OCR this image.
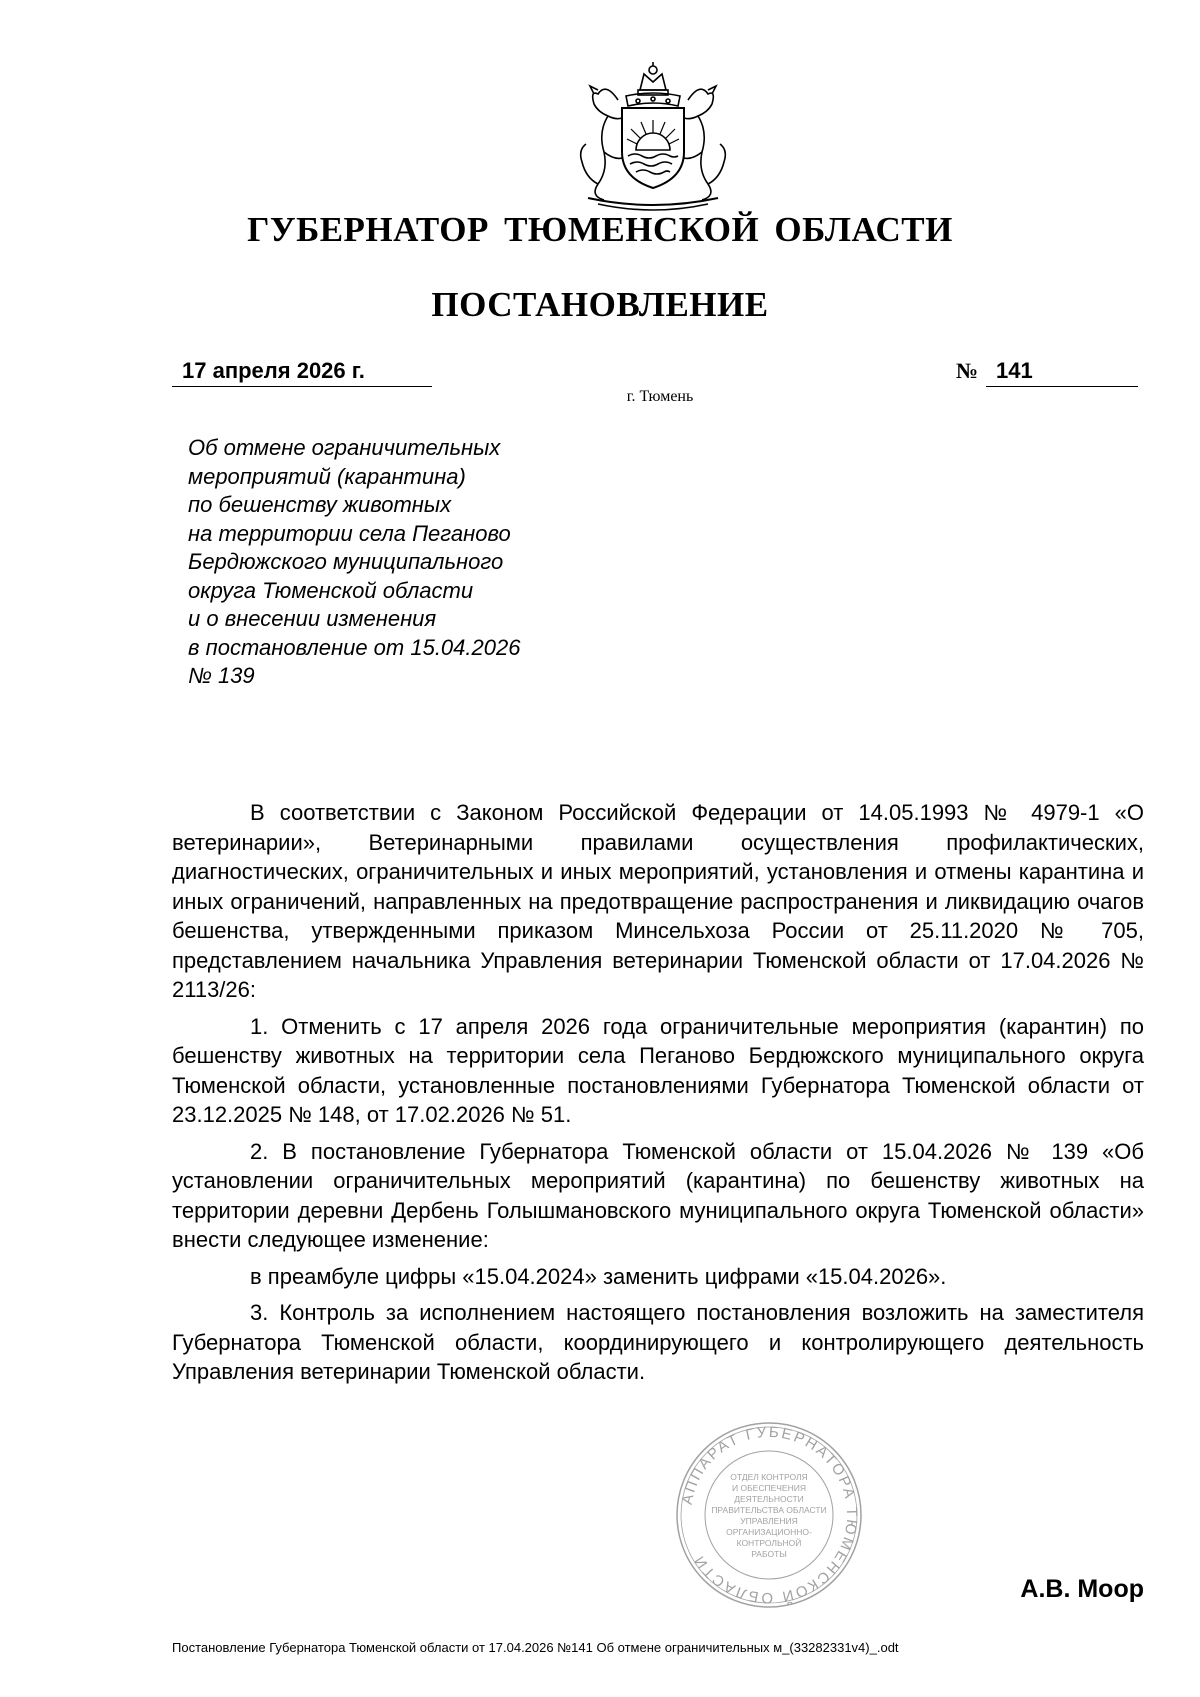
ГУБЕРНАТОР ТЮМЕНСКОЙ ОБЛАСТИ
ПОСТАНОВЛЕНИЕ
17 апреля 2026 г.	№ 141
г. Тюмень
Об отмене ограничительных
мероприятий (карантина)
по бешенству животных
на территории села Пеганово
Бердюжского муниципального
округа Тюменской области
и о внесении изменения
в постановление от 15.04.2026
№ 139

В соответствии с Законом Российской Федерации от 14.05.1993 № 4979-1 «О ветеринарии», Ветеринарными правилами осуществления профилактических, диагностических, ограничительных и иных мероприятий, установления и отмены карантина и иных ограничений, направленных на предотвращение распространения и ликвидацию очагов бешенства, утвержденными приказом Минсельхоза России от 25.11.2020 № 705, представлением начальника Управления ветеринарии Тюменской области от 17.04.2026 № 2113/26:

1. Отменить с 17 апреля 2026 года ограничительные мероприятия (карантин) по бешенству животных на территории села Пеганово Бердюжского муниципального округа Тюменской области, установленные постановлениями Губернатора Тюменской области от 23.12.2025 № 148, от 17.02.2026 № 51.

2. В постановление Губернатора Тюменской области от 15.04.2026 № 139 «Об установлении ограничительных мероприятий (карантина) по бешенству животных на территории деревни Дербень Голышмановского муниципального округа Тюменской области» внести следующее изменение:

в преамбуле цифры «15.04.2024» заменить цифрами «15.04.2026».

3. Контроль за исполнением настоящего постановления возложить на заместителя Губернатора Тюменской области, координирующего и контролирующего деятельность Управления ветеринарии Тюменской области.

АППАРАТ ГУБЕРНАТОРА ТЮМЕНСКОЙ ОБЛАСТИ
ОТДЕЛ КОНТРОЛЯ
И ОБЕСПЕЧЕНИЯ
ДЕЯТЕЛЬНОСТИ
ПРАВИТЕЛЬСТВА ОБЛАСТИ
УПРАВЛЕНИЯ
ОРГАНИЗАЦИОННО-
КОНТРОЛЬНОЙ
РАБОТЫ
А.В. Моор
Постановление Губернатора Тюменской области от 17.04.2026 №141 Об отмене ограничительных м_(33282331v4)_.odt
